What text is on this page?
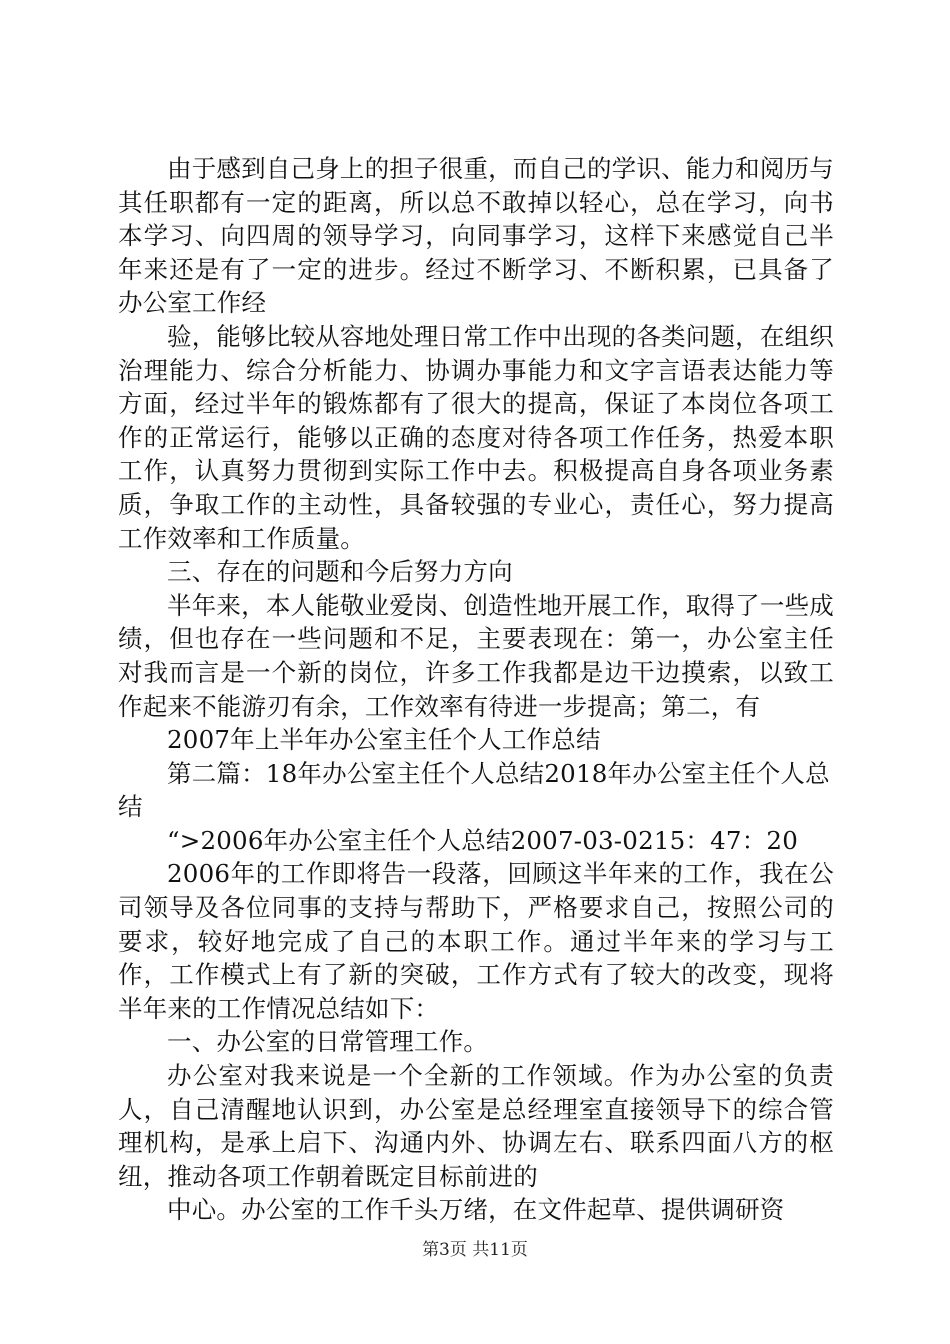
由于感到自己身上的担子很重，而自己的学识、能力和阅历与其任职都有一定的距离，所以总不敢掉以轻心，总在学习，向书本学习、向四周的领导学习，向同事学习，这样下来感觉自己半年来还是有了一定的进步。经过不断学习、不断积累，已具备了办公室工作经

验，能够比较从容地处理日常工作中出现的各类问题，在组织治理能力、综合分析能力、协调办事能力和文字言语表达能力等方面，经过半年的锻炼都有了很大的提高，保证了本岗位各项工作的正常运行，能够以正确的态度对待各项工作任务，热爱本职工作，认真努力贯彻到实际工作中去。积极提高自身各项业务素质，争取工作的主动性，具备较强的专业心，责任心，努力提高工作效率和工作质量。

三、存在的问题和今后努力方向

半年来，本人能敬业爱岗、创造性地开展工作，取得了一些成绩，但也存在一些问题和不足，主要表现在：第一，办公室主任对我而言是一个新的岗位，许多工作我都是边干边摸索，以致工作起来不能游刃有余，工作效率有待进一步提高；第二，有

2007年上半年办公室主任个人工作总结

第二篇：18年办公室主任个人总结2018年办公室主任个人总结

“>2006年办公室主任个人总结2007-03-0215：47：20

2006年的工作即将告一段落，回顾这半年来的工作，我在公司领导及各位同事的支持与帮助下，严格要求自己，按照公司的要求，较好地完成了自己的本职工作。通过半年来的学习与工作，工作模式上有了新的突破，工作方式有了较大的改变，现将半年来的工作情况总结如下：

一、办公室的日常管理工作。

办公室对我来说是一个全新的工作领域。作为办公室的负责人，自己清醒地认识到，办公室是总经理室直接领导下的综合管理机构，是承上启下、沟通内外、协调左右、联系四面八方的枢纽，推动各项工作朝着既定目标前进的

中心。办公室的工作千头万绪，在文件起草、提供调研资

第3页 共11页
